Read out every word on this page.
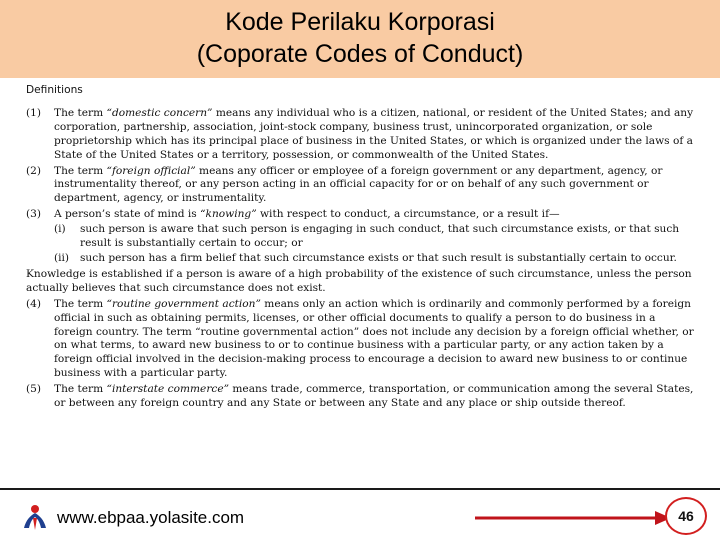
Kode Perilaku Korporasi
(Coporate Codes of Conduct)
Definitions
(1) The term “domestic concern” means any individual who is a citizen, national, or resident of the United States; and any corporation, partnership, association, joint-stock company, business trust, unincorporated organization, or sole proprietorship which has its principal place of business in the United States, or which is organized under the laws of a State of the United States or a territory, possession, or commonwealth of the United States.
(2) The term “foreign official” means any officer or employee of a foreign government or any department, agency, or instrumentality thereof, or any person acting in an official capacity for or on behalf of any such government or department, agency, or instrumentality.
(3) A person’s state of mind is “knowing” with respect to conduct, a circumstance, or a result if—
(i) such person is aware that such person is engaging in such conduct, that such circumstance exists, or that such result is substantially certain to occur; or
(ii) such person has a firm belief that such circumstance exists or that such result is substantially certain to occur.
Knowledge is established if a person is aware of a high probability of the existence of such circumstance, unless the person actually believes that such circumstance does not exist.
(4) The term “routine government action” means only an action which is ordinarily and commonly performed by a foreign official in such as obtaining permits, licenses, or other official documents to qualify a person to do business in a foreign country. The term “routine governmental action” does not include any decision by a foreign official whether, or on what terms, to award new business to or to continue business with a particular party, or any action taken by a foreign official involved in the decision-making process to encourage a decision to award new business to or continue business with a particular party.
(5) The term “interstate commerce” means trade, commerce, transportation, or communication among the several States, or between any foreign country and any State or between any State and any place or ship outside thereof.
www.ebpaa.yolasite.com	46
